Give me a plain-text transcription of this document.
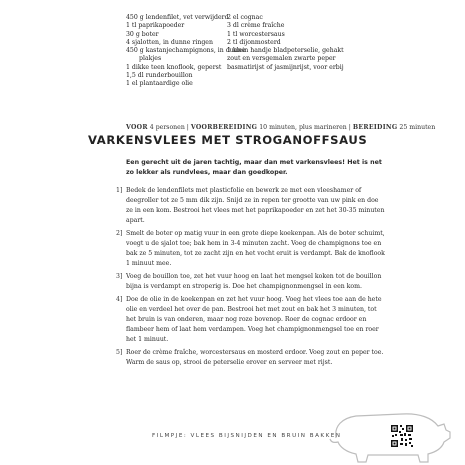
450 g lendenfilet, vet verwijderd
1 tl paprikapoeder
30 g boter
4 sjalotten, in dunne ringen
450 g kastanjechampignons, in dunne
plakjes
1 dikke teen knoflook, geperst
1,5 dl runderbouillon
1 el plantaardige olie
2 el cognac
3 dl crème fraîche
1 tl worcestersaus
2 tl dijonmosterd
1 klein handje bladpeterselie, gehakt
zout en versgemalen zwarte peper
basmatirijst of jasmijnrijst, voor erbij
VOOR 4 personen | VOORBEREIDING 10 minuten, plus marineren | BEREIDING 25 minuten
VARKENSVLEES MET STROGANOFFSAUS
Een gerecht uit de jaren tachtig, maar dan met varkensvlees! Het is net zo lekker als rundvlees, maar dan goedkoper.
1] Bedek de lendenfilets met plasticfolie en bewerk ze met een vleeshamer of deegroller tot ze 5 mm dik zijn. Snijd ze in repen ter grootte van uw pink en doe ze in een kom. Bestrooi het vlees met het paprikapoeder en zet het 30-35 minuten apart.
2] Smelt de boter op matig vuur in een grote diepe koekenpan. Als de boter schuimt, voegt u de sjalot toe; bak hem in 3-4 minuten zacht. Voeg de champignons toe en bak ze 5 minuten, tot ze zacht zijn en het vocht eruit is verdampt. Bak de knoflook 1 minuut mee.
3] Voeg de bouillon toe, zet het vuur hoog en laat het mengsel koken tot de bouillon bijna is verdampt en stroperig is. Doe het champignonmengsel in een kom.
4] Doe de olie in de koekenpan en zet het vuur hoog. Voeg het vlees toe aan de hete olie en verdeel het over de pan. Bestrooi het met zout en bak het 3 minuten, tot het bruin is van onderen, maar nog roze bovenop. Roer de cognac erdoor en flambeer hem of laat hem verdampen. Voeg het champignonmengsel toe en roer het 1 minuut.
5] Roer de crème fraîche, worcestersaus en mosterd erdoor. Voeg zout en peper toe. Warm de saus op, strooi de peterselie erover en serveer met rijst.
FILMPJE: VLEES BIJSNIJDEN EN BRUIN BAKKEN
